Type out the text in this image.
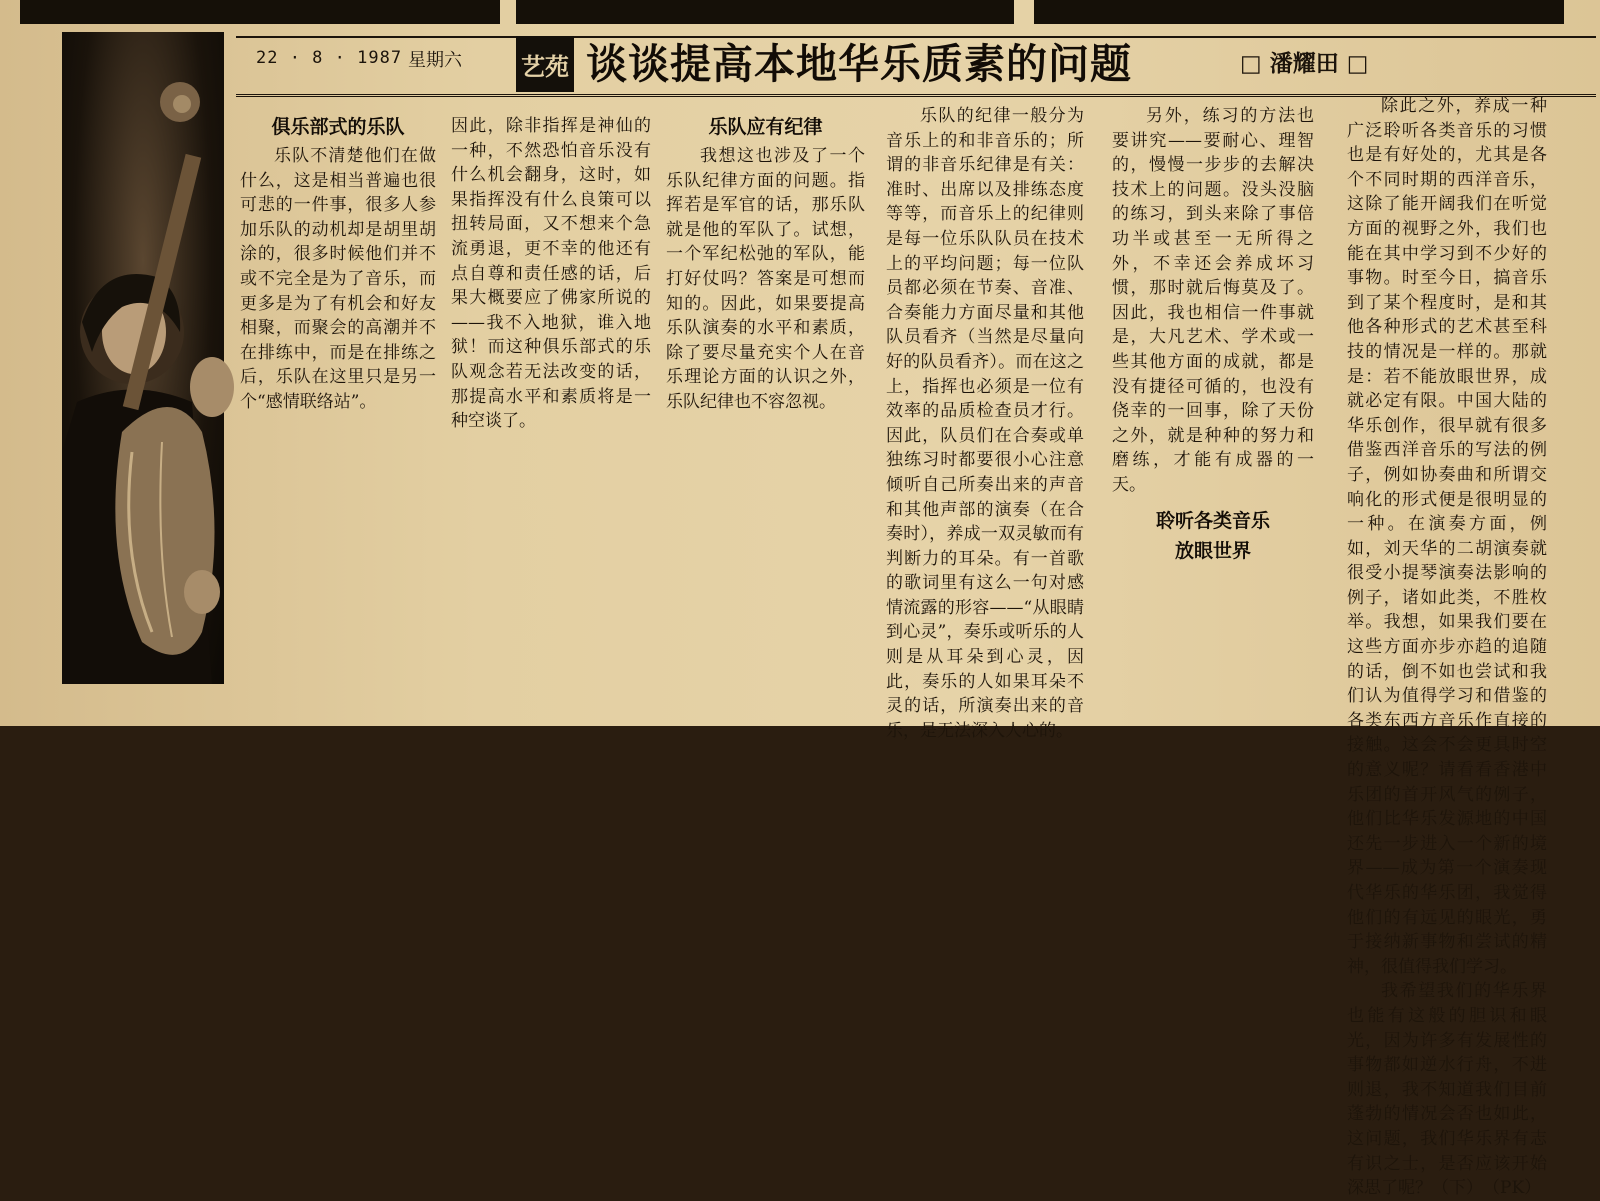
22 · 8 · 1987 星期六 艺苑 谈谈提高本地华乐质素的问题	□ 潘耀田 □
俱乐部式的乐队

乐队不清楚他们在做什么，这是相当普遍也很可悲的一件事，很多人参加乐队的动机却是胡里胡涂的，很多时候他们并不或不完全是为了音乐，而更多是为了有机会和好友相聚，而聚会的高潮并不在排练中，而是在排练之后，乐队在这里只是另一个“感情联络站”。

因此，除非指挥是神仙的一种，不然恐怕音乐没有什么机会翻身，这时，如果指挥没有什么良策可以扭转局面，又不想来个急流勇退，更不幸的他还有点自尊和责任感的话，后果大概要应了佛家所说的——我不入地狱，谁入地狱！而这种俱乐部式的乐队观念若无法改变的话，那提高水平和素质将是一种空谈了。

乐队应有纪律

我想这也涉及了一个乐队纪律方面的问题。指挥若是军官的话，那乐队就是他的军队了。试想，一个军纪松弛的军队，能打好仗吗？答案是可想而知的。因此，如果要提高乐队演奏的水平和素质，除了要尽量充实个人在音乐理论方面的认识之外，乐队纪律也不容忽视。

乐队的纪律一般分为音乐上的和非音乐的；所谓的非音乐纪律是有关：准时、出席以及排练态度等等，而音乐上的纪律则是每一位乐队队员在技术上的平均问题；每一位队员都必须在节奏、音准、合奏能力方面尽量和其他队员看齐（当然是尽量向好的队员看齐）。而在这之上，指挥也必须是一位有效率的品质检查员才行。因此，队员们在合奏或单独练习时都要很小心注意倾听自己所奏出来的声音和其他声部的演奏（在合奏时），养成一双灵敏而有判断力的耳朵。有一首歌的歌词里有这么一句对感情流露的形容——“从眼睛到心灵”，奏乐或听乐的人则是从耳朵到心灵，因此，奏乐的人如果耳朵不灵的话，所演奏出来的音乐，是无法深入人心的。

另外，练习的方法也要讲究——要耐心、理智的，慢慢一步步的去解决技术上的问题。没头没脑的练习，到头来除了事倍功半或甚至一无所得之外，不幸还会养成坏习惯，那时就后悔莫及了。因此，我也相信一件事就是，大凡艺术、学术或一些其他方面的成就，都是没有捷径可循的，也没有侥幸的一回事，除了天份之外，就是种种的努力和磨练，才能有成器的一天。

聆听各类音乐
放眼世界

除此之外，养成一种广泛聆听各类音乐的习惯也是有好处的，尤其是各个不同时期的西洋音乐，这除了能开阔我们在听觉方面的视野之外，我们也能在其中学习到不少好的事物。时至今日，搞音乐到了某个程度时，是和其他各种形式的艺术甚至科技的情况是一样的。那就是：若不能放眼世界，成就必定有限。中国大陆的华乐创作，很早就有很多借鉴西洋音乐的写法的例子，例如协奏曲和所谓交响化的形式便是很明显的一种。在演奏方面，例如，刘天华的二胡演奏就很受小提琴演奏法影响的例子，诸如此类，不胜枚举。我想，如果我们要在这些方面亦步亦趋的追随的话，倒不如也尝试和我们认为值得学习和借鉴的各类东西方音乐作直接的接触。这会不会更具时空的意义呢？请看看香港中乐团的首开风气的例子，他们比华乐发源地的中国还先一步进入一个新的境界——成为第一个演奏现代华乐的华乐团，我觉得他们的有远见的眼光，勇于接纳新事物和尝试的精神，很值得我们学习。

我希望我们的华乐界也能有这般的胆识和眼光，因为许多有发展性的事物都如逆水行舟，不进则退，我不知道我们目前蓬勃的情况会否也如此，这问题，我们华乐界有志有识之士，是否应该开始深思了呢？（下）　（PK）
